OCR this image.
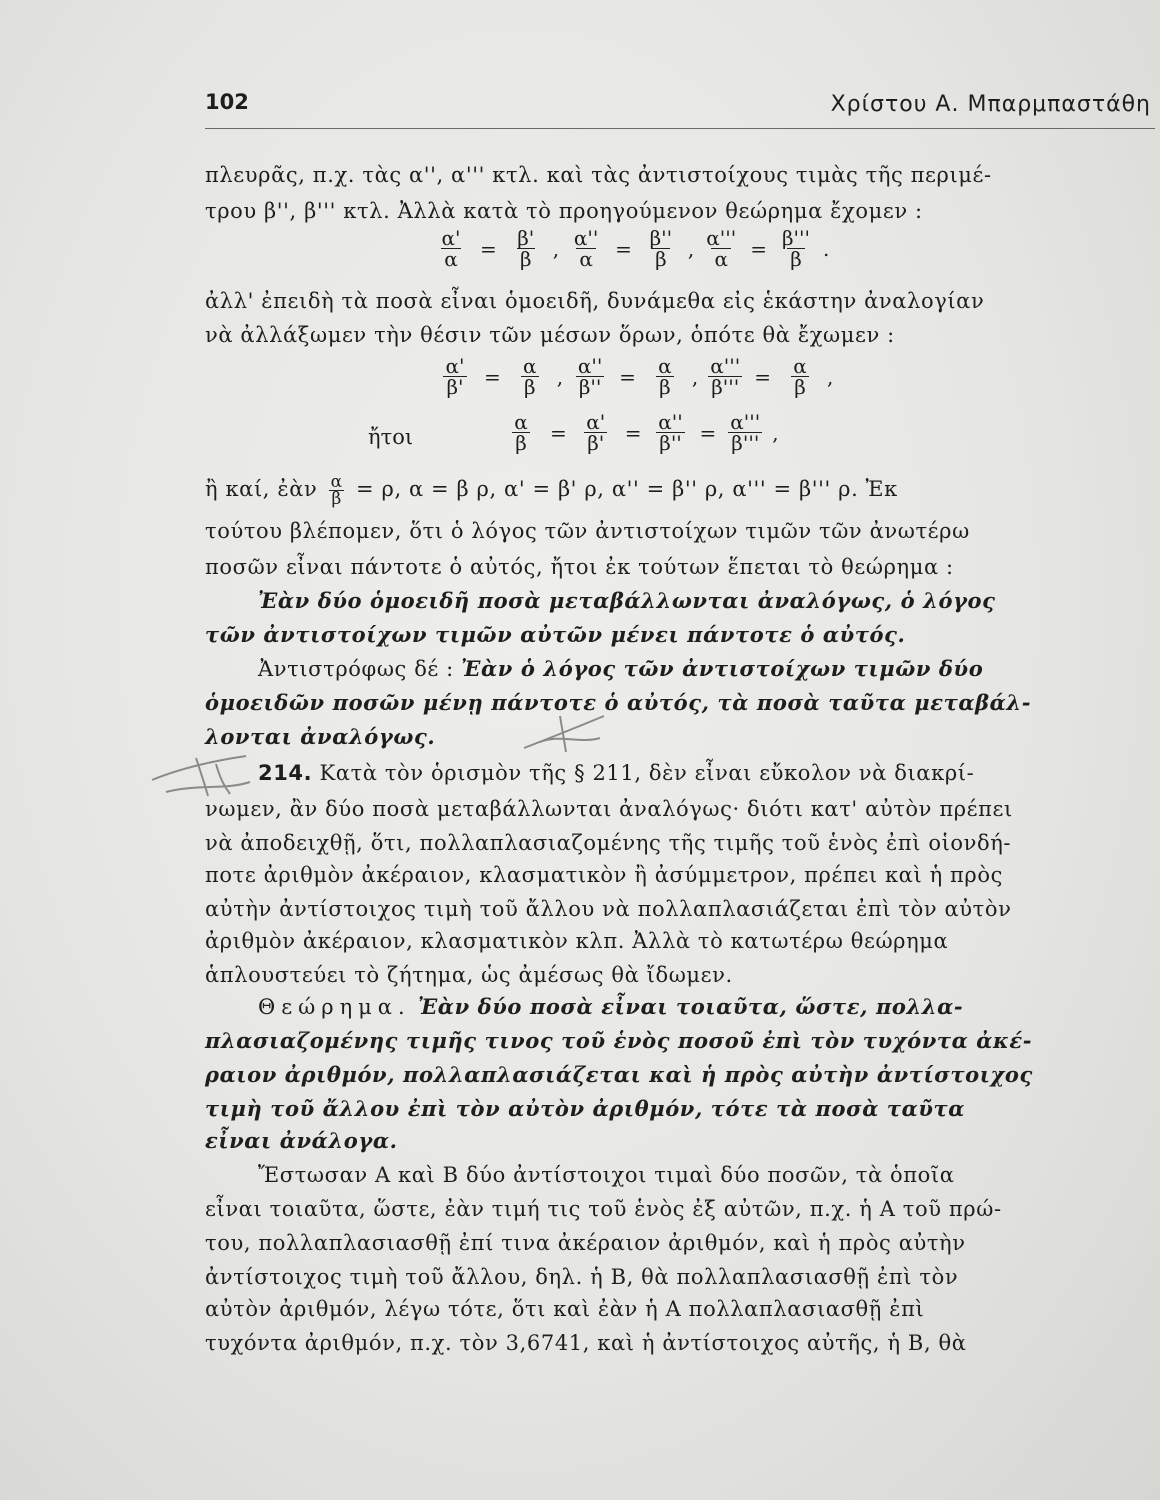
102	Χρίστου Α. Μπαρμπαστάθη
πλευρᾶς, π.χ. τὰς α'', α''' κτλ. καὶ τὰς ἀντιστοίχους τιμὰς τῆς περιμέ-
τρου β'', β''' κτλ. Ἀλλὰ κατὰ τὸ προηγούμενον θεώρημα ἔχομεν :
$\frac{\alpha'}{\alpha} = \frac{\beta'}{\beta}$ , $\frac{\alpha''}{\alpha} = \frac{\beta''}{\beta}$ , $\frac{\alpha'''}{\alpha} = \frac{\beta'''}{\beta}$ .
ἀλλ' ἐπειδὴ τὰ ποσὰ εἶναι ὁμοειδῆ, δυνάμεθα εἰς ἑκάστην ἀναλογίαν
νὰ ἀλλάξωμεν τὴν θέσιν τῶν μέσων ὅρων, ὁπότε θὰ ἔχωμεν :
$\frac{\alpha'}{\beta'} = \frac{\alpha}{\beta}$ , $\frac{\alpha''}{\beta''} = \frac{\alpha}{\beta}$ , $\frac{\alpha'''}{\beta'''} = \frac{\alpha}{\beta}$ ,
ἤτοι	$\frac{\alpha}{\beta} = \frac{\alpha'}{\beta'} = \frac{\alpha''}{\beta''} = \frac{\alpha'''}{\beta'''}$ ,
ἢ καί, ἐὰν $\frac{\alpha}{\beta} = \rho$, α = β ρ, α' = β' ρ, α'' = β'' ρ, α''' = β''' ρ. Ἐκ
τούτου βλέπομεν, ὅτι ὁ λόγος τῶν ἀντιστοίχων τιμῶν τῶν ἀνωτέρω
ποσῶν εἶναι πάντοτε ὁ αὐτός, ἤτοι ἐκ τούτων ἕπεται τὸ θεώρημα :
Ἐὰν δύο ὁμοειδῆ ποσὰ μεταβάλλωνται ἀναλόγως, ὁ λόγος
τῶν ἀντιστοίχων τιμῶν αὐτῶν μένει πάντοτε ὁ αὐτός.
Ἀντιστρόφως δέ : Ἐὰν ὁ λόγος τῶν ἀντιστοίχων τιμῶν δύο
ὁμοειδῶν ποσῶν μένῃ πάντοτε ὁ αὐτός, τὰ ποσὰ ταῦτα μεταβάλ-
λονται ἀναλόγως.
214. Κατὰ τὸν ὁρισμὸν τῆς § 211, δὲν εἶναι εὔκολον νὰ διακρί-
νωμεν, ἂν δύο ποσὰ μεταβάλλωνται ἀναλόγως· διότι κατ' αὐτὸν πρέπει
νὰ ἀποδειχθῇ, ὅτι, πολλαπλασιαζομένης τῆς τιμῆς τοῦ ἑνὸς ἐπὶ οἱονδή-
ποτε ἀριθμὸν ἀκέραιον, κλασματικὸν ἢ ἀσύμμετρον, πρέπει καὶ ἡ πρὸς
αὐτὴν ἀντίστοιχος τιμὴ τοῦ ἄλλου νὰ πολλαπλασιάζεται ἐπὶ τὸν αὐτὸν
ἀριθμὸν ἀκέραιον, κλασματικὸν κλπ. Ἀλλὰ τὸ κατωτέρω θεώρημα
ἁπλουστεύει τὸ ζήτημα, ὡς ἀμέσως θὰ ἴδωμεν.
Θεώρημα. Ἐὰν δύο ποσὰ εἶναι τοιαῦτα, ὥστε, πολλα-
πλασιαζομένης τιμῆς τινος τοῦ ἑνὸς ποσοῦ ἐπὶ τὸν τυχόντα ἀκέ-
ραιον ἀριθμόν, πολλαπλασιάζεται καὶ ἡ πρὸς αὐτὴν ἀντίστοιχος
τιμὴ τοῦ ἄλλου ἐπὶ τὸν αὐτὸν ἀριθμόν, τότε τὰ ποσὰ ταῦτα
εἶναι ἀνάλογα.
Ἔστωσαν Α καὶ Β δύο ἀντίστοιχοι τιμαὶ δύο ποσῶν, τὰ ὁποῖα
εἶναι τοιαῦτα, ὥστε, ἐὰν τιμή τις τοῦ ἑνὸς ἐξ αὐτῶν, π.χ. ἡ Α τοῦ πρώ-
του, πολλαπλασιασθῇ ἐπί τινα ἀκέραιον ἀριθμόν, καὶ ἡ πρὸς αὐτὴν
ἀντίστοιχος τιμὴ τοῦ ἄλλου, δηλ. ἡ Β, θὰ πολλαπλασιασθῇ ἐπὶ τὸν
αὐτὸν ἀριθμόν, λέγω τότε, ὅτι καὶ ἐὰν ἡ Α πολλαπλασιασθῇ ἐπὶ
τυχόντα ἀριθμόν, π.χ. τὸν 3,6741, καὶ ἡ ἀντίστοιχος αὐτῆς, ἡ Β, θὰ
